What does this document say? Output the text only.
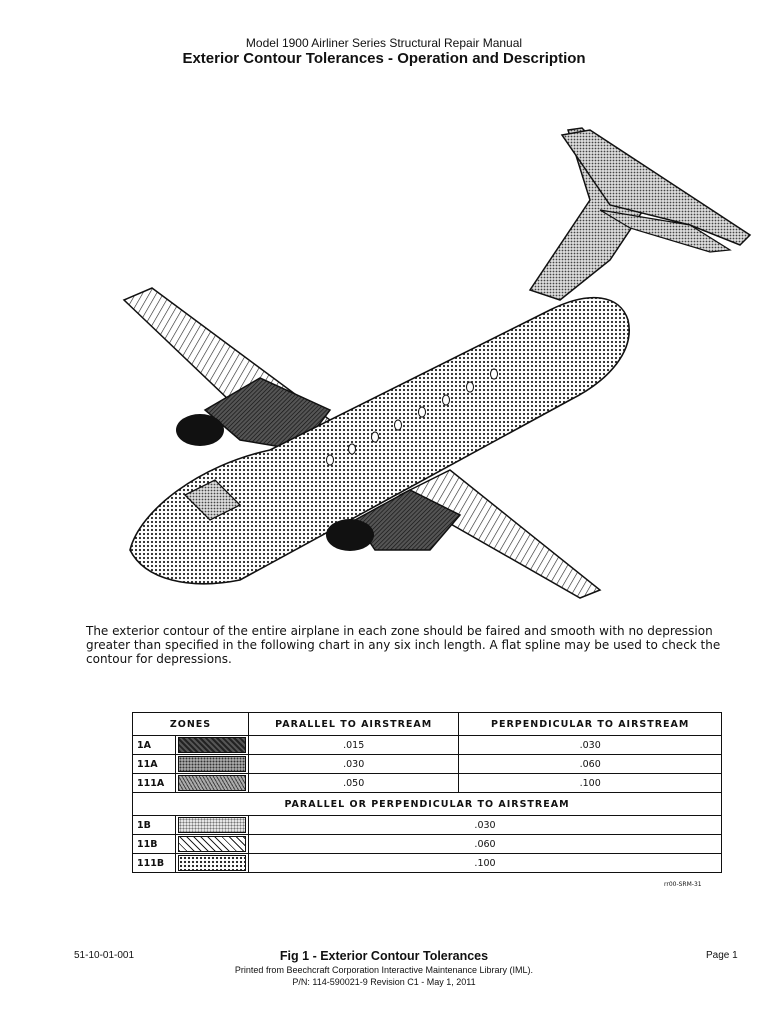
Model 1900 Airliner Series Structural Repair Manual
Exterior Contour Tolerances - Operation and Description
The exterior contour of the entire airplane in each zone should be faired and smooth with no depression greater than specified in the following chart in any six inch length. A flat spline may be used to check the contour for depressions.
ZONES		PARALLEL TO AIRSTREAM	PERPENDICULAR TO AIRSTREAM
1A		.015	.030
11A		.030	.060
111A		.050	.100
PARALLEL OR PERPENDICULAR TO AIRSTREAM			
1B		.030	
11B		.060	
111B		.100	
rr00-SRM-31
51-10-01-001	Fig 1 - Exterior Contour Tolerances
Printed from Beechcraft Corporation Interactive Maintenance Library (IML).
P/N: 114-590021-9 Revision C1 - May 1, 2011
Page 1
